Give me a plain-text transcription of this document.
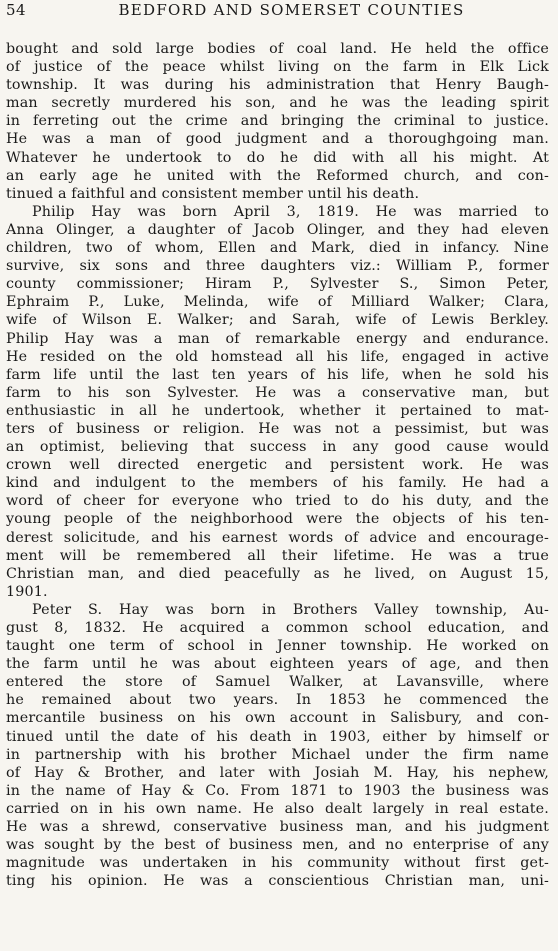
54	BEDFORD AND SOMERSET COUNTIES

bought and sold large bodies of coal land. He held the office
of justice of the peace whilst living on the farm in Elk Lick
township. It was during his administration that Henry Baugh-
man secretly murdered his son, and he was the leading spirit
in ferreting out the crime and bringing the criminal to justice.
He was a man of good judgment and a thoroughgoing man.
Whatever he undertook to do he did with all his might. At
an early age he united with the Reformed church, and con-
tinued a faithful and consistent member until his death.

Philip Hay was born April 3, 1819. He was married to
Anna Olinger, a daughter of Jacob Olinger, and they had eleven
children, two of whom, Ellen and Mark, died in infancy. Nine
survive, six sons and three daughters viz.: William P., former
county commissioner; Hiram P., Sylvester S., Simon Peter,
Ephraim P., Luke, Melinda, wife of Milliard Walker; Clara,
wife of Wilson E. Walker; and Sarah, wife of Lewis Berkley.
Philip Hay was a man of remarkable energy and endurance.
He resided on the old homstead all his life, engaged in active
farm life until the last ten years of his life, when he sold his
farm to his son Sylvester. He was a conservative man, but
enthusiastic in all he undertook, whether it pertained to mat-
ters of business or religion. He was not a pessimist, but was
an optimist, believing that success in any good cause would
crown well directed energetic and persistent work. He was
kind and indulgent to the members of his family. He had a
word of cheer for everyone who tried to do his duty, and the
young people of the neighborhood were the objects of his ten-
derest solicitude, and his earnest words of advice and encourage-
ment will be remembered all their lifetime. He was a true
Christian man, and died peacefully as he lived, on August 15,
1901.

Peter S. Hay was born in Brothers Valley township, Au-
gust 8, 1832. He acquired a common school education, and
taught one term of school in Jenner township. He worked on
the farm until he was about eighteen years of age, and then
entered the store of Samuel Walker, at Lavansville, where
he remained about two years. In 1853 he commenced the
mercantile business on his own account in Salisbury, and con-
tinued until the date of his death in 1903, either by himself or
in partnership with his brother Michael under the firm name
of Hay & Brother, and later with Josiah M. Hay, his nephew,
in the name of Hay & Co. From 1871 to 1903 the business was
carried on in his own name. He also dealt largely in real estate.
He was a shrewd, conservative business man, and his judgment
was sought by the best of business men, and no enterprise of any
magnitude was undertaken in his community without first get-
ting his opinion. He was a conscientious Christian man, uni-
